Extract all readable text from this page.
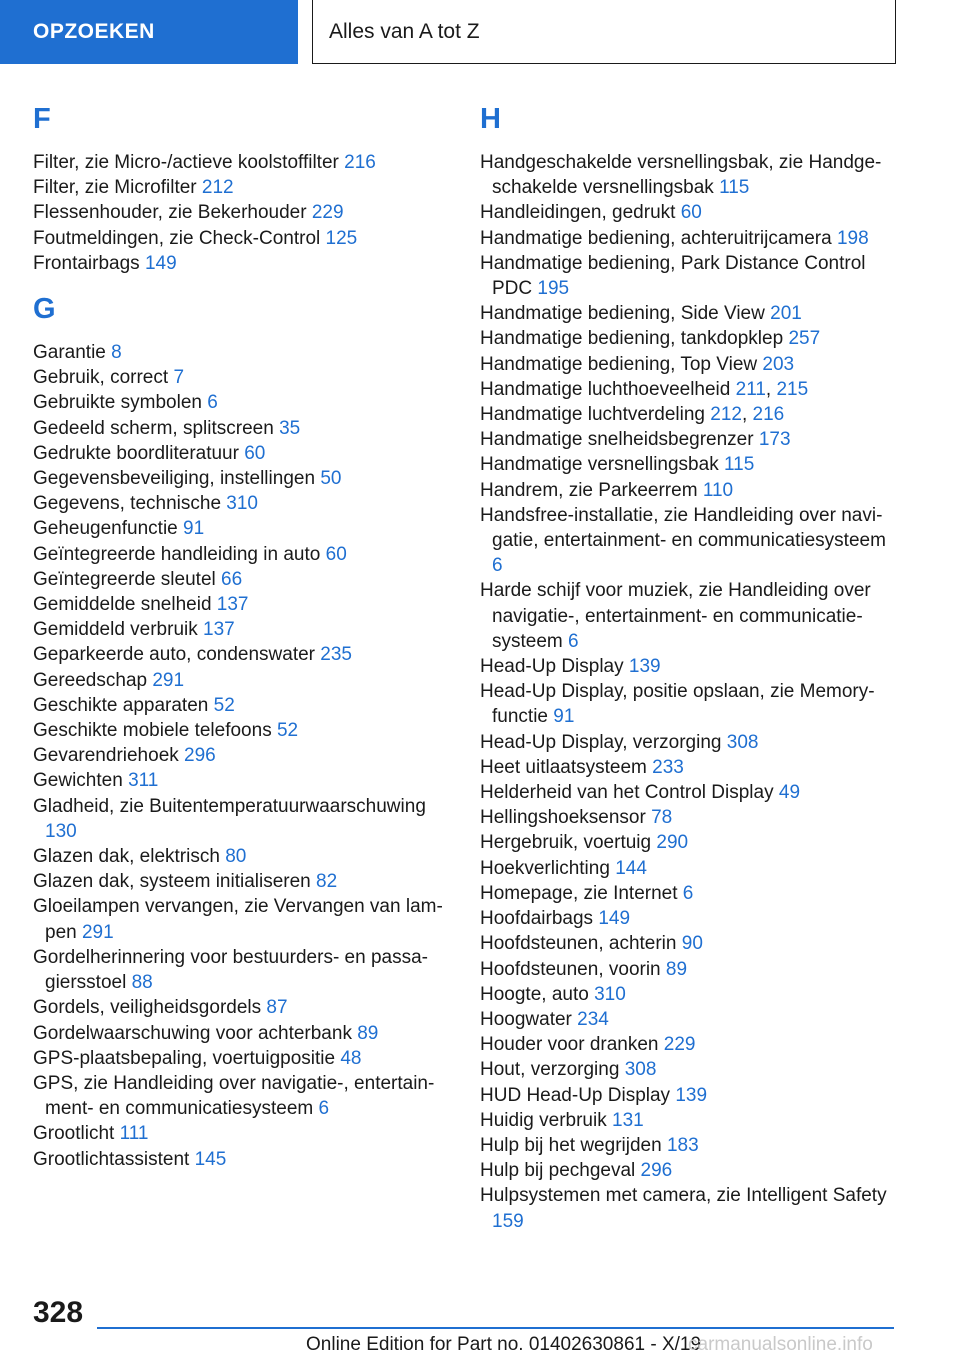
OPZOEKEN	Alles van A tot Z
F

Filter, zie Micro-/actieve koolstoffilter 216

Filter, zie Microfilter 212

Flessenhouder, zie Bekerhouder 229

Foutmeldingen, zie Check-Control 125

Frontairbags 149

G

Garantie 8

Gebruik, correct 7

Gebruikte symbolen 6

Gedeeld scherm, splitscreen 35

Gedrukte boordliteratuur 60

Gegevensbeveiliging, instellingen 50

Gegevens, technische 310

Geheugenfunctie 91

Geïntegreerde handleiding in auto 60

Geïntegreerde sleutel 66

Gemiddelde snelheid 137

Gemiddeld verbruik 137

Geparkeerde auto, condenswater 235

Gereedschap 291

Geschikte apparaten 52

Geschikte mobiele telefoons 52

Gevarendriehoek 296

Gewichten 311

Gladheid, zie Buitentemperatuurwaarschuwing 130

Glazen dak, elektrisch 80

Glazen dak, systeem initialiseren 82

Gloeilampen vervangen, zie Vervangen van lampen 291

Gordelherinnering voor bestuurders- en passagiersstoel 88

Gordels, veiligheidsgordels 87

Gordelwaarschuwing voor achterbank 89

GPS-plaatsbepaling, voertuigpositie 48

GPS, zie Handleiding over navigatie-, entertainment- en communicatiesysteem 6

Grootlicht 111

Grootlichtassistent 145

H

Handgeschakelde versnellingsbak, zie Handgeschakelde versnellingsbak 115

Handleidingen, gedrukt 60

Handmatige bediening, achteruitrijcamera 198

Handmatige bediening, Park Distance Control PDC 195

Handmatige bediening, Side View 201

Handmatige bediening, tankdopklep 257

Handmatige bediening, Top View 203

Handmatige luchthoeveelheid 211, 215

Handmatige luchtverdeling 212, 216

Handmatige snelheidsbegrenzer 173

Handmatige versnellingsbak 115

Handrem, zie Parkeerrem 110

Handsfree-installatie, zie Handleiding over navigatie, entertainment- en communicatiesysteem 6

Harde schijf voor muziek, zie Handleiding over navigatie-, entertainment- en communicatiesysteem 6

Head-Up Display 139

Head-Up Display, positie opslaan, zie Memoryfunctie 91

Head-Up Display, verzorging 308

Heet uitlaatsysteem 233

Helderheid van het Control Display 49

Hellingshoeksensor 78

Hergebruik, voertuig 290

Hoekverlichting 144

Homepage, zie Internet 6

Hoofdairbags 149

Hoofdsteunen, achterin 90

Hoofdsteunen, voorin 89

Hoogte, auto 310

Hoogwater 234

Houder voor dranken 229

Hout, verzorging 308

HUD Head-Up Display 139

Huidig verbruik 131

Hulp bij het wegrijden 183

Hulp bij pechgeval 296

Hulpsystemen met camera, zie Intelligent Safety 159

328
Online Edition for Part no. 01402630861 - X/19
carmanualsonline.info
